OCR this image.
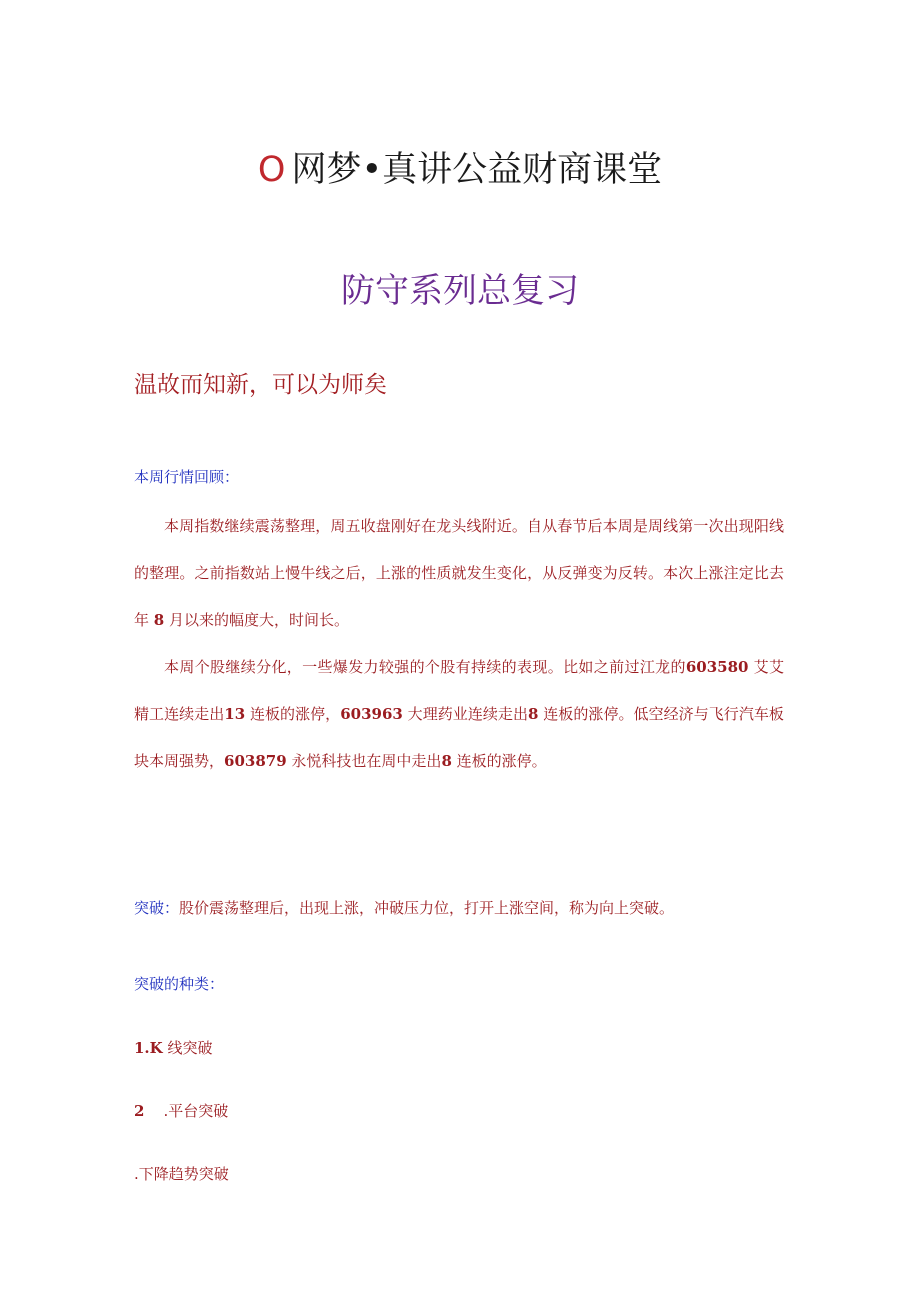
O 网梦•真讲公益财商课堂
防守系列总复习
温故而知新，可以为师矣
本周行情回顾：
本周指数继续震荡整理，周五收盘刚好在龙头线附近。自从春节后本周是周线第一次出现阳线的整理。之前指数站上慢牛线之后，上涨的性质就发生变化，从反弹变为反转。本次上涨注定比去年 8 月以来的幅度大，时间长。
本周个股继续分化，一些爆发力较强的个股有持续的表现。比如之前过江龙的603580 艾艾精工连续走出13 连板的涨停，603963 大理药业连续走出8 连板的涨停。低空经济与飞行汽车板块本周强势，603879 永悦科技也在周中走出8 连板的涨停。
突破：股价震荡整理后，出现上涨，冲破压力位，打开上涨空间，称为向上突破。
突破的种类：
1.K 线突破
2 .平台突破
.下降趋势突破
